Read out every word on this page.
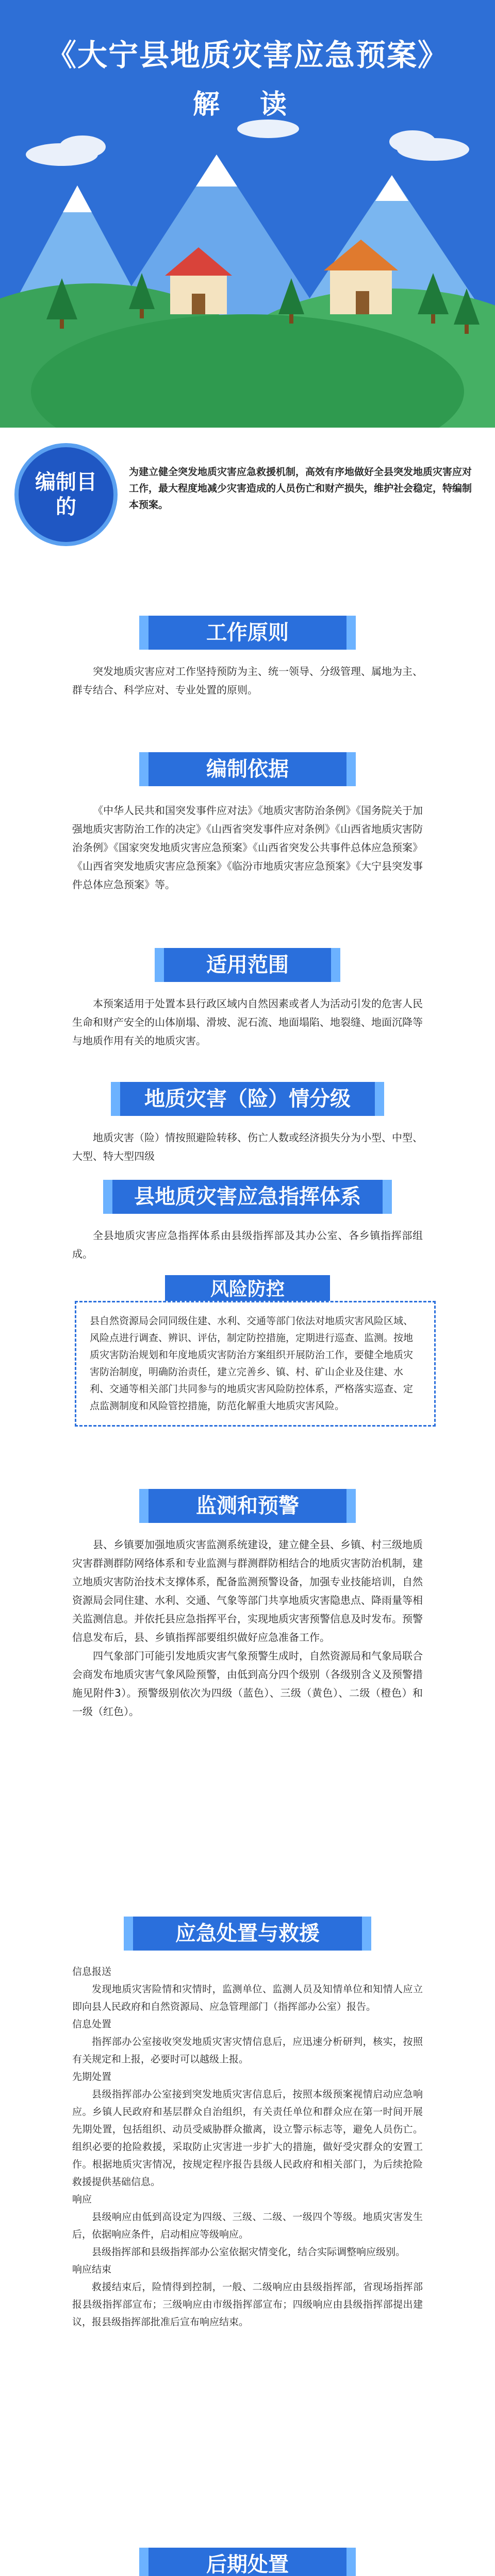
《大宁县地质灾害应急预案》
解 读
编制目的
为建立健全突发地质灾害应急救援机制，高效有序地做好全县突发地质灾害应对工作，最大程度地减少灾害造成的人员伤亡和财产损失，维护社会稳定，特编制本预案。
工作原则

突发地质灾害应对工作坚持预防为主、统一领导、分级管理、属地为主、群专结合、科学应对、专业处置的原则。

编制依据

《中华人民共和国突发事件应对法》《地质灾害防治条例》《国务院关于加强地质灾害防治工作的决定》《山西省突发事件应对条例》《山西省地质灾害防治条例》《国家突发地质灾害应急预案》《山西省突发公共事件总体应急预案》《山西省突发地质灾害应急预案》《临汾市地质灾害应急预案》《大宁县突发事件总体应急预案》等。

适用范围

本预案适用于处置本县行政区域内自然因素或者人为活动引发的危害人民生命和财产安全的山体崩塌、滑坡、泥石流、地面塌陷、地裂缝、地面沉降等与地质作用有关的地质灾害。

地质灾害（险）情分级

地质灾害（险）情按照避险转移、伤亡人数或经济损失分为小型、中型、大型、特大型四级

县地质灾害应急指挥体系

全县地质灾害应急指挥体系由县级指挥部及其办公室、各乡镇指挥部组成。

风险防控
县自然资源局会同同级住建、水利、交通等部门依法对地质灾害风险区域、风险点进行调查、辨识、评估，制定防控措施，定期进行巡查、监测。按地质灾害防治规划和年度地质灾害防治方案组织开展防治工作，要健全地质灾害防治制度，明确防治责任，建立完善乡、镇、村、矿山企业及住建、水利、交通等相关部门共同参与的地质灾害风险防控体系，严格落实巡查、定点监测制度和风险管控措施，防范化解重大地质灾害风险。
监测和预警

县、乡镇要加强地质灾害监测系统建设，建立健全县、乡镇、村三级地质灾害群测群防网络体系和专业监测与群测群防相结合的地质灾害防治机制，建立地质灾害防治技术支撑体系，配备监测预警设备，加强专业技能培训，自然资源局会同住建、水利、交通、气象等部门共享地质灾害隐患点、降雨量等相关监测信息。并依托县应急指挥平台，实现地质灾害预警信息及时发布。预警信息发布后，县、乡镇指挥部要组织做好应急准备工作。

四气象部门可能引发地质灾害气象预警生成时，自然资源局和气象局联合会商发布地质灾害气象风险预警，由低到高分四个级别（各级别含义及预警措施见附件3）。预警级别依次为四级（蓝色）、三级（黄色）、二级（橙色）和一级（红色）。

应急处置与救援

信息报送

发现地质灾害险情和灾情时，监测单位、监测人员及知情单位和知情人应立即向县人民政府和自然资源局、应急管理部门（指挥部办公室）报告。

信息处置

指挥部办公室接收突发地质灾害灾情信息后，应迅速分析研判，核实，按照有关规定和上报，必要时可以越级上报。

先期处置

县级指挥部办公室接到突发地质灾害信息后，按照本级预案视情启动应急响应。乡镇人民政府和基层群众自治组织，有关责任单位和群众应在第一时间开展先期处置，包括组织、动员受威胁群众撤离，设立警示标志等，避免人员伤亡。组织必要的抢险救援，采取防止灾害进一步扩大的措施，做好受灾群众的安置工作。根据地质灾害情况，按规定程序报告县级人民政府和相关部门，为后续抢险救援提供基础信息。

响应

县级响应由低到高设定为四级、三级、二级、一级四个等级。地质灾害发生后，依据响应条件，启动相应等级响应。

县级指挥部和县级指挥部办公室依据灾情变化，结合实际调整响应级别。

响应结束

救援结束后，险情得到控制，一般、二级响应由县级指挥部，省现场指挥部报县级指挥部宣布；三级响应由市级指挥部宣布；四级响应由县级指挥部提出建议，报县级指挥部批准后宣布响应结束。

后期处置
